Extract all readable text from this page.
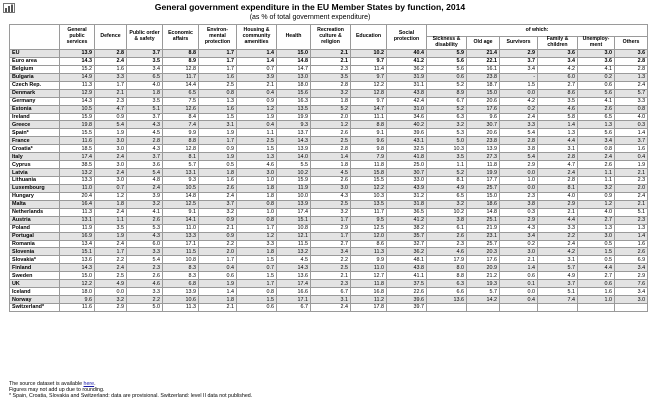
General government expenditure in the EU Member States by function, 2014
(as % of total government expenditure)
	General public services	Defence	Public order & safety	Economic affairs	Environ-mental protection	Housing & community amenities	Health	Recreation culture & religion	Education	Social protection	of which:					
											Sickness & disability	Old age	Survivors	Family & children	Unemploy-ment	Others
EU	13.9	2.8	3.7	8.8	1.7	1.4	15.0	2.1	10.2	40.4	5.9	21.4	2.9	3.6	3.0	3.6
Euro area	14.3	2.4	3.5	8.9	1.7	1.4	14.8	2.1	9.7	41.2	5.6	22.1	3.7	3.4	3.6	2.8
Belgium	15.2	1.6	3.4	12.8	1.7	0.7	14.7	2.3	11.4	36.2	5.6	16.1	3.4	4.2	4.1	2.8
Bulgaria	14.9	3.3	6.5	11.7	1.6	3.9	13.0	3.5	9.7	31.9	0.6	23.8	-	6.0	0.2	1.3
Czech Rep.	11.3	1.7	4.0	14.4	2.5	2.1	18.0	2.8	12.2	31.1	5.2	18.7	1.5	2.7	0.6	2.4
Denmark	12.9	2.1	1.8	6.5	0.8	0.4	15.6	3.2	12.8	43.8	8.9	15.0	0.0	8.6	5.6	5.7
Germany	14.3	2.3	3.5	7.5	1.3	0.9	16.3	1.8	9.7	42.4	6.7	20.6	4.2	3.5	4.1	3.3
Estonia	10.5	4.7	5.1	12.6	1.6	1.2	13.5	5.2	14.7	31.0	5.2	17.6	0.2	4.6	2.6	0.8
Ireland	15.9	0.9	3.7	8.4	1.5	1.9	19.9	2.0	11.1	34.6	6.3	9.6	2.4	5.8	6.5	4.0
Greece	19.8	5.4	4.3	7.4	3.1	0.4	9.3	1.2	8.8	40.2	3.2	30.7	3.3	1.4	1.3	0.3
Spain*	15.5	1.9	4.5	9.9	1.9	1.1	13.7	2.6	9.1	39.6	5.3	20.6	5.4	1.3	5.6	1.4
France	11.6	3.0	2.8	8.8	1.7	2.5	14.3	2.5	9.6	43.1	5.0	23.8	2.8	4.4	3.4	3.7
Croatia*	18.5	3.0	4.3	12.8	0.9	1.5	13.9	2.8	9.8	32.5	10.3	13.9	3.8	3.1	0.8	1.6
Italy	17.4	2.4	3.7	8.1	1.9	1.3	14.0	1.4	7.9	41.8	3.5	27.3	5.4	2.8	2.4	0.4
Cyprus	38.5	3.0	3.6	5.7	0.5	4.6	5.5	1.8	11.8	25.0	1.1	11.8	2.9	4.7	2.6	1.9
Latvia	13.2	2.4	5.4	13.1	1.8	3.0	10.2	4.5	15.8	30.7	5.2	19.9	0.0	2.4	1.1	2.1
Lithuania	13.3	3.0	4.8	9.3	1.6	1.0	15.9	2.6	15.5	33.0	8.1	17.7	1.0	2.8	1.1	2.3
Luxembourg	11.0	0.7	2.4	10.5	2.6	1.8	11.9	3.0	12.2	43.9	4.9	25.7	0.0	8.1	3.2	2.0
Hungary	20.4	1.2	3.9	14.8	2.4	1.8	10.0	4.3	10.3	31.2	6.5	15.0	2.3	4.0	0.9	2.4
Malta	16.4	1.8	3.2	12.5	3.7	0.8	13.9	2.5	13.5	31.8	3.2	18.6	3.8	2.9	1.2	2.1
Netherlands	11.3	2.4	4.1	9.1	3.2	1.0	17.4	3.2	11.7	36.5	10.2	14.8	0.3	2.1	4.0	5.1
Austria	13.1	1.1	2.6	14.1	0.9	0.8	15.1	1.7	9.5	41.2	3.8	25.1	2.9	4.4	2.7	2.3
Poland	11.9	3.5	5.3	11.0	2.1	1.7	10.8	2.9	12.5	38.2	6.1	21.9	4.3	3.3	1.3	1.3
Portugal	16.9	1.9	4.3	13.3	0.9	1.2	12.1	1.7	12.0	35.7	2.6	23.1	3.4	2.2	3.0	1.4
Romania	13.4	2.4	6.0	17.1	2.2	3.3	11.5	2.7	8.6	32.7	2.3	25.7	0.2	2.4	0.5	1.6
Slovenia	15.1	1.7	3.3	11.5	2.0	1.8	13.2	3.4	11.3	36.2	4.6	20.3	3.0	4.2	1.5	2.6
Slovakia*	13.6	2.2	5.4	10.8	1.7	1.5	4.5	2.2	9.9	48.1	17.9	17.6	2.1	3.1	0.5	6.9
Finland	14.3	2.4	2.3	8.3	0.4	0.7	14.3	2.5	11.0	43.8	8.0	20.9	1.4	5.7	4.4	3.4
Sweden	15.0	2.5	2.6	8.3	0.6	1.5	13.6	2.1	12.7	41.1	8.8	21.2	0.6	4.9	2.7	2.9
UK	12.2	4.9	4.6	6.8	1.9	1.7	17.4	2.3	11.8	37.5	6.3	19.3	0.1	3.7	0.6	7.6
Iceland	18.0	0.0	3.3	13.9	1.4	0.8	16.6	6.7	16.8	22.6	6.6	5.7	0.0	5.1	1.6	3.4
Norway	9.6	3.2	2.2	10.6	1.8	1.5	17.1	3.1	11.2	39.6	13.6	14.2	0.4	7.4	1.0	3.0
Switzerland*	11.6	2.9	5.0	11.3	2.1	0.6	6.7	2.4	17.8	39.7						
The source dataset is available here.
Figures may not add up due to rounding.
* Spain, Croatia, Slovakia and Switzerland: data are provisional. Switzerland: level II data not published.
